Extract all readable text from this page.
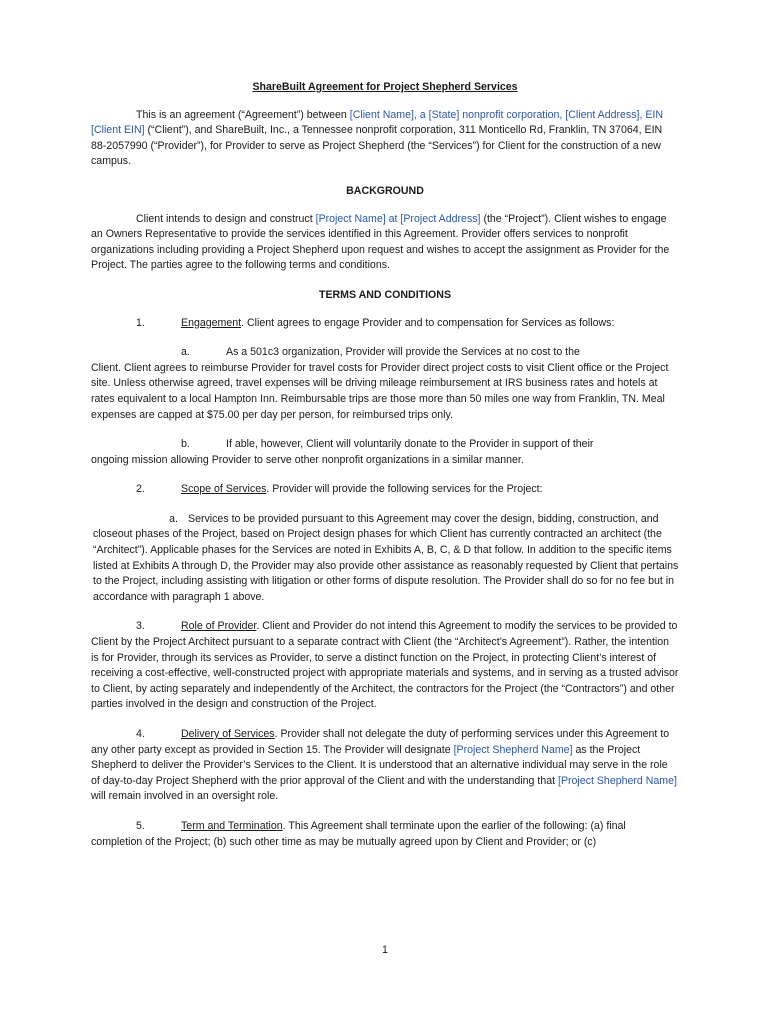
ShareBuilt Agreement for Project Shepherd Services

This is an agreement (“Agreement”) between [Client Name], a [State] nonprofit corporation, [Client Address], EIN [Client EIN] (“Client”), and ShareBuilt, Inc., a Tennessee nonprofit corporation, 311 Monticello Rd, Franklin, TN 37064, EIN 88-2057990 (“Provider”), for Provider to serve as Project Shepherd (the “Services”) for Client for the construction of a new campus.

BACKGROUND

Client intends to design and construct [Project Name] at [Project Address] (the “Project”). Client wishes to engage an Owners Representative to provide the services identified in this Agreement. Provider offers services to nonprofit organizations including providing a Project Shepherd upon request and wishes to accept the assignment as Provider for the Project. The parties agree to the following terms and conditions.

TERMS AND CONDITIONS

1.	Engagement. Client agrees to engage Provider and to compensation for Services as follows:

a.	As a 501c3 organization, Provider will provide the Services at no cost to the
Client. Client agrees to reimburse Provider for travel costs for Provider direct project costs to visit Client office or the Project site. Unless otherwise agreed, travel expenses will be driving mileage reimbursement at IRS business rates and hotels at rates equivalent to a local Hampton Inn. Reimbursable trips are those more than 50 miles one way from Franklin, TN. Meal expenses are capped at $75.00 per day per person, for reimbursed trips only.
b.	If able, however, Client will voluntarily donate to the Provider in support of their
ongoing mission allowing Provider to serve other nonprofit organizations in a similar manner.

2.	Scope of Services. Provider will provide the following services for the Project:

a. Services to be provided pursuant to this Agreement may cover the design, bidding, construction, and closeout phases of the Project, based on Project design phases for which Client has currently contracted an architect (the “Architect”). Applicable phases for the Services are noted in Exhibits A, B, C, & D that follow. In addition to the specific items listed at Exhibits A through D, the Provider may also provide other assistance as reasonably requested by Client that pertains to the Project, including assisting with litigation or other forms of dispute resolution. The Provider shall do so for no fee but in accordance with paragraph 1 above.

3.	Role of Provider. Client and Provider do not intend this Agreement to modify the services to be provided to Client by the Project Architect pursuant to a separate contract with Client (the “Architect’s Agreement”). Rather, the intention is for Provider, through its services as Provider, to serve a distinct function on the Project, in protecting Client’s interest of receiving a cost-effective, well-constructed project with appropriate materials and systems, and in serving as a trusted advisor to Client, by acting separately and independently of the Architect, the contractors for the Project (the “Contractors”) and other parties involved in the design and construction of the Project.

4.	Delivery of Services. Provider shall not delegate the duty of performing services under this Agreement to any other party except as provided in Section 15. The Provider will designate [Project Shepherd Name] as the Project Shepherd to deliver the Provider’s Services to the Client. It is understood that an alternative individual may serve in the role of day-to-day Project Shepherd with the prior approval of the Client and with the understanding that [Project Shepherd Name] will remain involved in an oversight role.

5.	Term and Termination. This Agreement shall terminate upon the earlier of the following: (a) final completion of the Project; (b) such other time as may be mutually agreed upon by Client and Provider; or (c)

1
